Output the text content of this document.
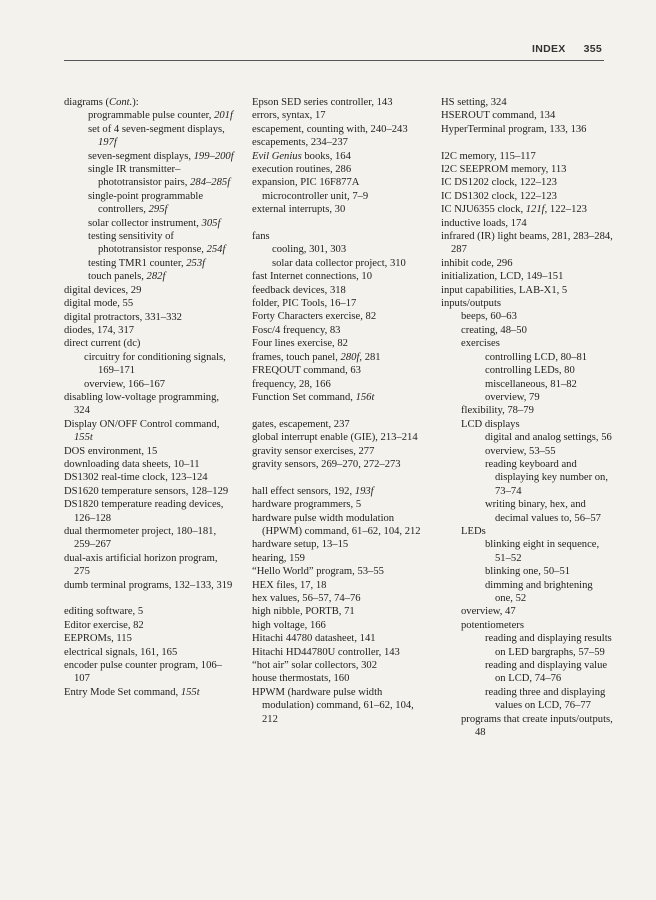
INDEX 355
diagrams (Cont.):
programmable pulse counter, 201f
set of 4 seven-segment displays, 197f
seven-segment displays, 199–200f
single IR transmitter–phototransistor pairs, 284–285f
single-point programmable controllers, 295f
solar collector instrument, 305f
testing sensitivity of phototransistor response, 254f
testing TMR1 counter, 253f
touch panels, 282f
digital devices, 29
digital mode, 55
digital protractors, 331–332
diodes, 174, 317
direct current (dc)
circuitry for conditioning signals, 169–171
overview, 166–167
disabling low-voltage programming, 324
Display ON/OFF Control command, 155t
DOS environment, 15
downloading data sheets, 10–11
DS1302 real-time clock, 123–124
DS1620 temperature sensors, 128–129
DS1820 temperature reading devices, 126–128
dual thermometer project, 180–181, 259–267
dual-axis artificial horizon program, 275
dumb terminal programs, 132–133, 319
editing software, 5
Editor exercise, 82
EEPROMs, 115
electrical signals, 161, 165
encoder pulse counter program, 106–107
Entry Mode Set command, 155t
Epson SED series controller, 143
errors, syntax, 17
escapement, counting with, 240–243
escapements, 234–237
Evil Genius books, 164
execution routines, 286
expansion, PIC 16F877A microcontroller unit, 7–9
external interrupts, 30
fans
cooling, 301, 303
solar data collector project, 310
fast Internet connections, 10
feedback devices, 318
folder, PIC Tools, 16–17
Forty Characters exercise, 82
Fosc/4 frequency, 83
Four lines exercise, 82
frames, touch panel, 280f, 281
FREQOUT command, 63
frequency, 28, 166
Function Set command, 156t
gates, escapement, 237
global interrupt enable (GIE), 213–214
gravity sensor exercises, 277
gravity sensors, 269–270, 272–273
hall effect sensors, 192, 193f
hardware programmers, 5
hardware pulse width modulation (HPWM) command, 61–62, 104, 212
hardware setup, 13–15
hearing, 159
“Hello World” program, 53–55
HEX files, 17, 18
hex values, 56–57, 74–76
high nibble, PORTB, 71
high voltage, 166
Hitachi 44780 datasheet, 141
Hitachi HD44780U controller, 143
“hot air” solar collectors, 302
house thermostats, 160
HPWM (hardware pulse width modulation) command, 61–62, 104, 212
HS setting, 324
HSEROUT command, 134
HyperTerminal program, 133, 136
I2C memory, 115–117
I2C SEEPROM memory, 113
IC DS1202 clock, 122–123
IC DS1302 clock, 122–123
IC NJU6355 clock, 121f, 122–123
inductive loads, 174
infrared (IR) light beams, 281, 283–284, 287
inhibit code, 296
initialization, LCD, 149–151
input capabilities, LAB-X1, 5
inputs/outputs
beeps, 60–63
creating, 48–50
exercises
controlling LCD, 80–81
controlling LEDs, 80
miscellaneous, 81–82
overview, 79
flexibility, 78–79
LCD displays
digital and analog settings, 56
overview, 53–55
reading keyboard and displaying key number on, 73–74
writing binary, hex, and decimal values to, 56–57
LEDs
blinking eight in sequence, 51–52
blinking one, 50–51
dimming and brightening one, 52
overview, 47
potentiometers
reading and displaying results on LED bargraphs, 57–59
reading and displaying value on LCD, 74–76
reading three and displaying values on LCD, 76–77
programs that create inputs/outputs, 48
